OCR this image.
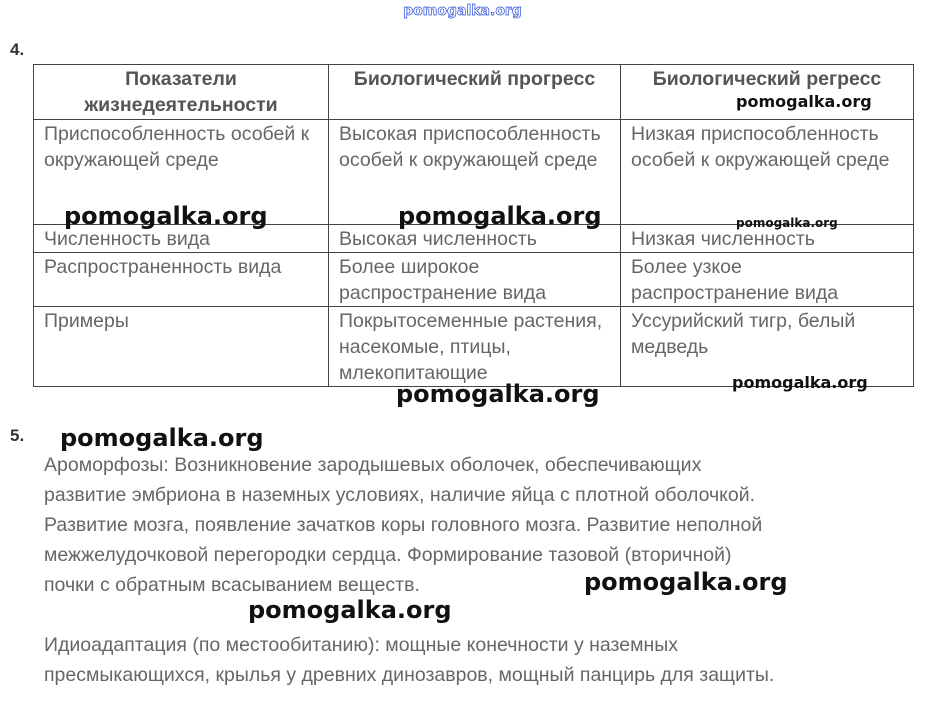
pomogalka.org
4.
Показатели жизнедеятельности	Биологический прогресс	Биологический регресс
Приспособленность особей к окружающей среде	Высокая приспособленность особей к окружающей среде	Низкая приспособленность особей к окружающей среде
Численность вида	Высокая численность	Низкая численность
Распространенность вида	Более широкое распространение вида	Более узкое распространение вида
Примеры	Покрытосеменные растения, насекомые, птицы, млекопитающие	Уссурийский тигр, белый медведь
5.
Ароморфозы: Возникновение зародышевых оболочек, обеспечивающих
развитие эмбриона в наземных условиях, наличие яйца с плотной оболочкой.
Развитие мозга, появление зачатков коры головного мозга. Развитие неполной
межжелудочковой перегородки сердца. Формирование тазовой (вторичной)
почки с обратным всасыванием веществ.
Идиоадаптация (по местообитанию): мощные конечности у наземных
пресмыкающихся, крылья у древних динозавров, мощный панцирь для защиты.
pomogalka.org
pomogalka.org	pomogalka.org	pomogalka.org
pomogalka.org
pomogalka.org
pomogalka.org
pomogalka.org
pomogalka.org
